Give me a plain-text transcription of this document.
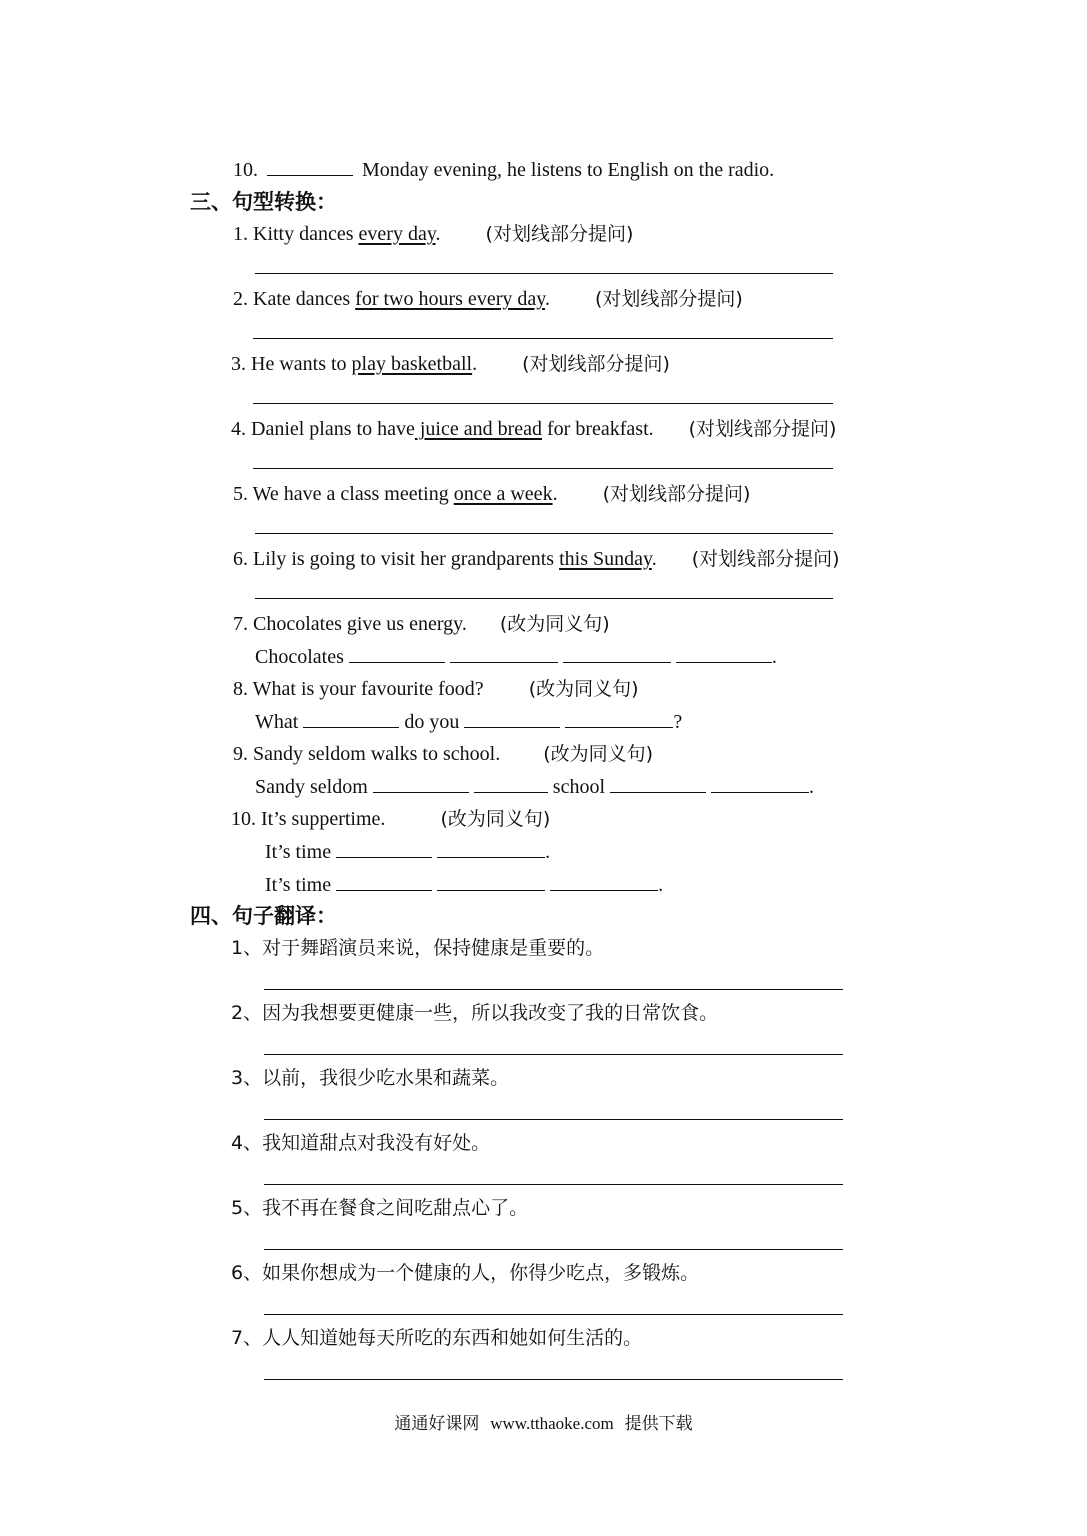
10.	Monday evening, he listens to English on the radio.
三、句型转换：
1. Kitty dances every day. (对划线部分提问)
2. Kate dances for two hours every day. (对划线部分提问)
3. He wants to play basketball. (对划线部分提问)
4. Daniel plans to have juice and bread for breakfast. (对划线部分提问)
5. We have a class meeting once a week. (对划线部分提问)
6. Lily is going to visit her grandparents this Sunday. (对划线部分提问)
7. Chocolates give us energy. (改为同义句)
Chocolates	.
8. What is your favourite food? (改为同义句)
What	do you	?
9. Sandy seldom walks to school. (改为同义句)
Sandy seldom	school	.
10. It’s suppertime.	(改为同义句)
It’s time	.
It’s time	.
四、句子翻译：
1、对于舞蹈演员来说，保持健康是重要的。
2、因为我想要更健康一些，所以我改变了我的日常饮食。
3、以前，我很少吃水果和蔬菜。
4、我知道甜点对我没有好处。
5、我不再在餐食之间吃甜点心了。
6、如果你想成为一个健康的人，你得少吃点，多锻炼。
7、人人知道她每天所吃的东西和她如何生活的。
通通好课网 www.tthaoke.com 提供下载
